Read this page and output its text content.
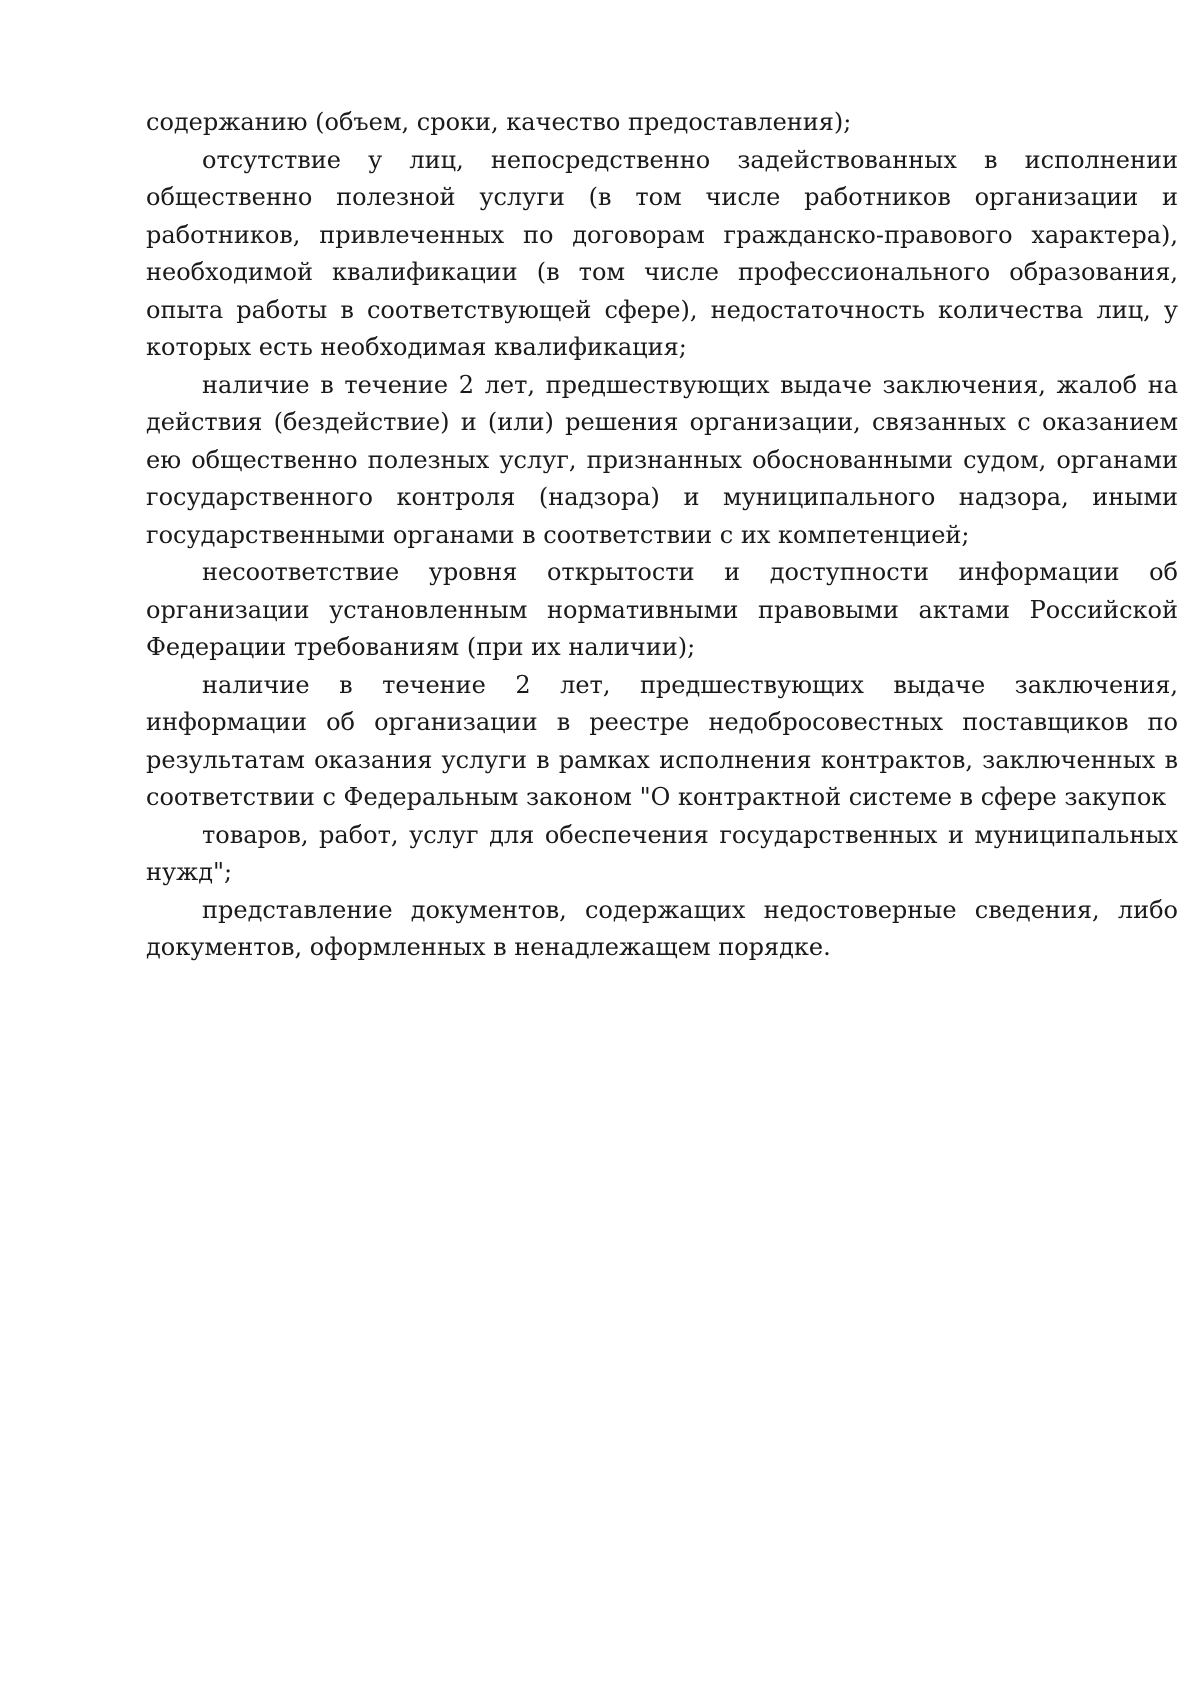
содержанию (объем, сроки, качество предоставления);

отсутствие у лиц, непосредственно задействованных в исполнении общественно полезной услуги (в том числе работников организации и работников, привлеченных по договорам гражданско-правового характера), необходимой квалификации (в том числе профессионального образования, опыта работы в соответствующей сфере), недостаточность количества лиц, у которых есть необходимая квалификация;

наличие в течение 2 лет, предшествующих выдаче заключения, жалоб на действия (бездействие) и (или) решения организации, связанных с оказанием ею общественно полезных услуг, признанных обоснованными судом, органами государственного контроля (надзора) и муниципального надзора, иными государственными органами в соответствии с их компетенцией;

несоответствие уровня открытости и доступности информации об организации установленным нормативными правовыми актами Российской Федерации требованиям (при их наличии);

наличие в течение 2 лет, предшествующих выдаче заключения, информации об организации в реестре недобросовестных поставщиков по результатам оказания услуги в рамках исполнения контрактов, заключенных в соответствии с Федеральным законом "О контрактной системе в сфере закупок

товаров, работ, услуг для обеспечения государственных и муниципальных нужд";

представление документов, содержащих недостоверные сведения, либо документов, оформленных в ненадлежащем порядке.
